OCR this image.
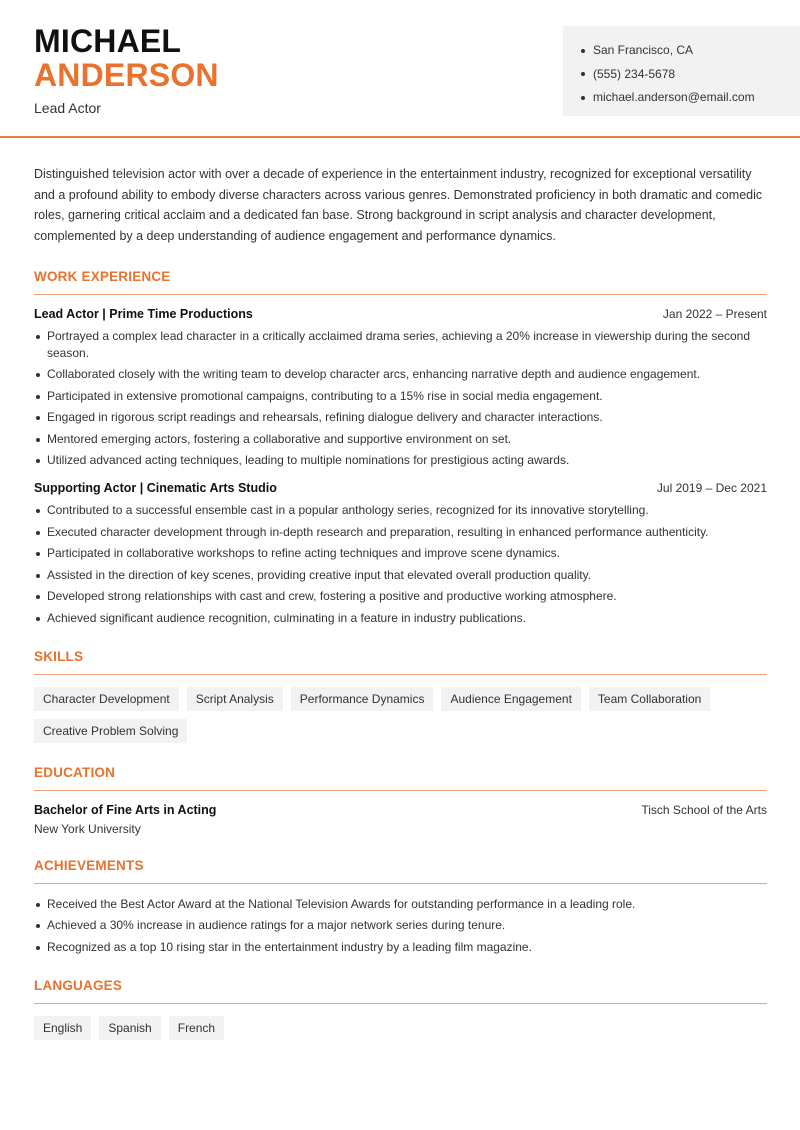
MICHAEL
ANDERSON
Lead Actor
San Francisco, CA
(555) 234-5678
michael.anderson@email.com

Distinguished television actor with over a decade of experience in the entertainment industry, recognized for exceptional versatility and a profound ability to embody diverse characters across various genres. Demonstrated proficiency in both dramatic and comedic roles, garnering critical acclaim and a dedicated fan base. Strong background in script analysis and character development, complemented by a deep understanding of audience engagement and performance dynamics.

WORK EXPERIENCE
Lead Actor | Prime Time Productions	Jan 2022 – Present
Portrayed a complex lead character in a critically acclaimed drama series, achieving a 20% increase in viewership during the second season.
Collaborated closely with the writing team to develop character arcs, enhancing narrative depth and audience engagement.
Participated in extensive promotional campaigns, contributing to a 15% rise in social media engagement.
Engaged in rigorous script readings and rehearsals, refining dialogue delivery and character interactions.
Mentored emerging actors, fostering a collaborative and supportive environment on set.
Utilized advanced acting techniques, leading to multiple nominations for prestigious acting awards.
Supporting Actor | Cinematic Arts Studio	Jul 2019 – Dec 2021
Contributed to a successful ensemble cast in a popular anthology series, recognized for its innovative storytelling.
Executed character development through in-depth research and preparation, resulting in enhanced performance authenticity.
Participated in collaborative workshops to refine acting techniques and improve scene dynamics.
Assisted in the direction of key scenes, providing creative input that elevated overall production quality.
Developed strong relationships with cast and crew, fostering a positive and productive working atmosphere.
Achieved significant audience recognition, culminating in a feature in industry publications.
SKILLS
Character Development	Script Analysis	Performance Dynamics	Audience Engagement	Team Collaboration
Creative Problem Solving
EDUCATION
Bachelor of Fine Arts in Acting	Tisch School of the Arts
New York University
ACHIEVEMENTS
Received the Best Actor Award at the National Television Awards for outstanding performance in a leading role.
Achieved a 30% increase in audience ratings for a major network series during tenure.
Recognized as a top 10 rising star in the entertainment industry by a leading film magazine.
LANGUAGES
English	Spanish	French
